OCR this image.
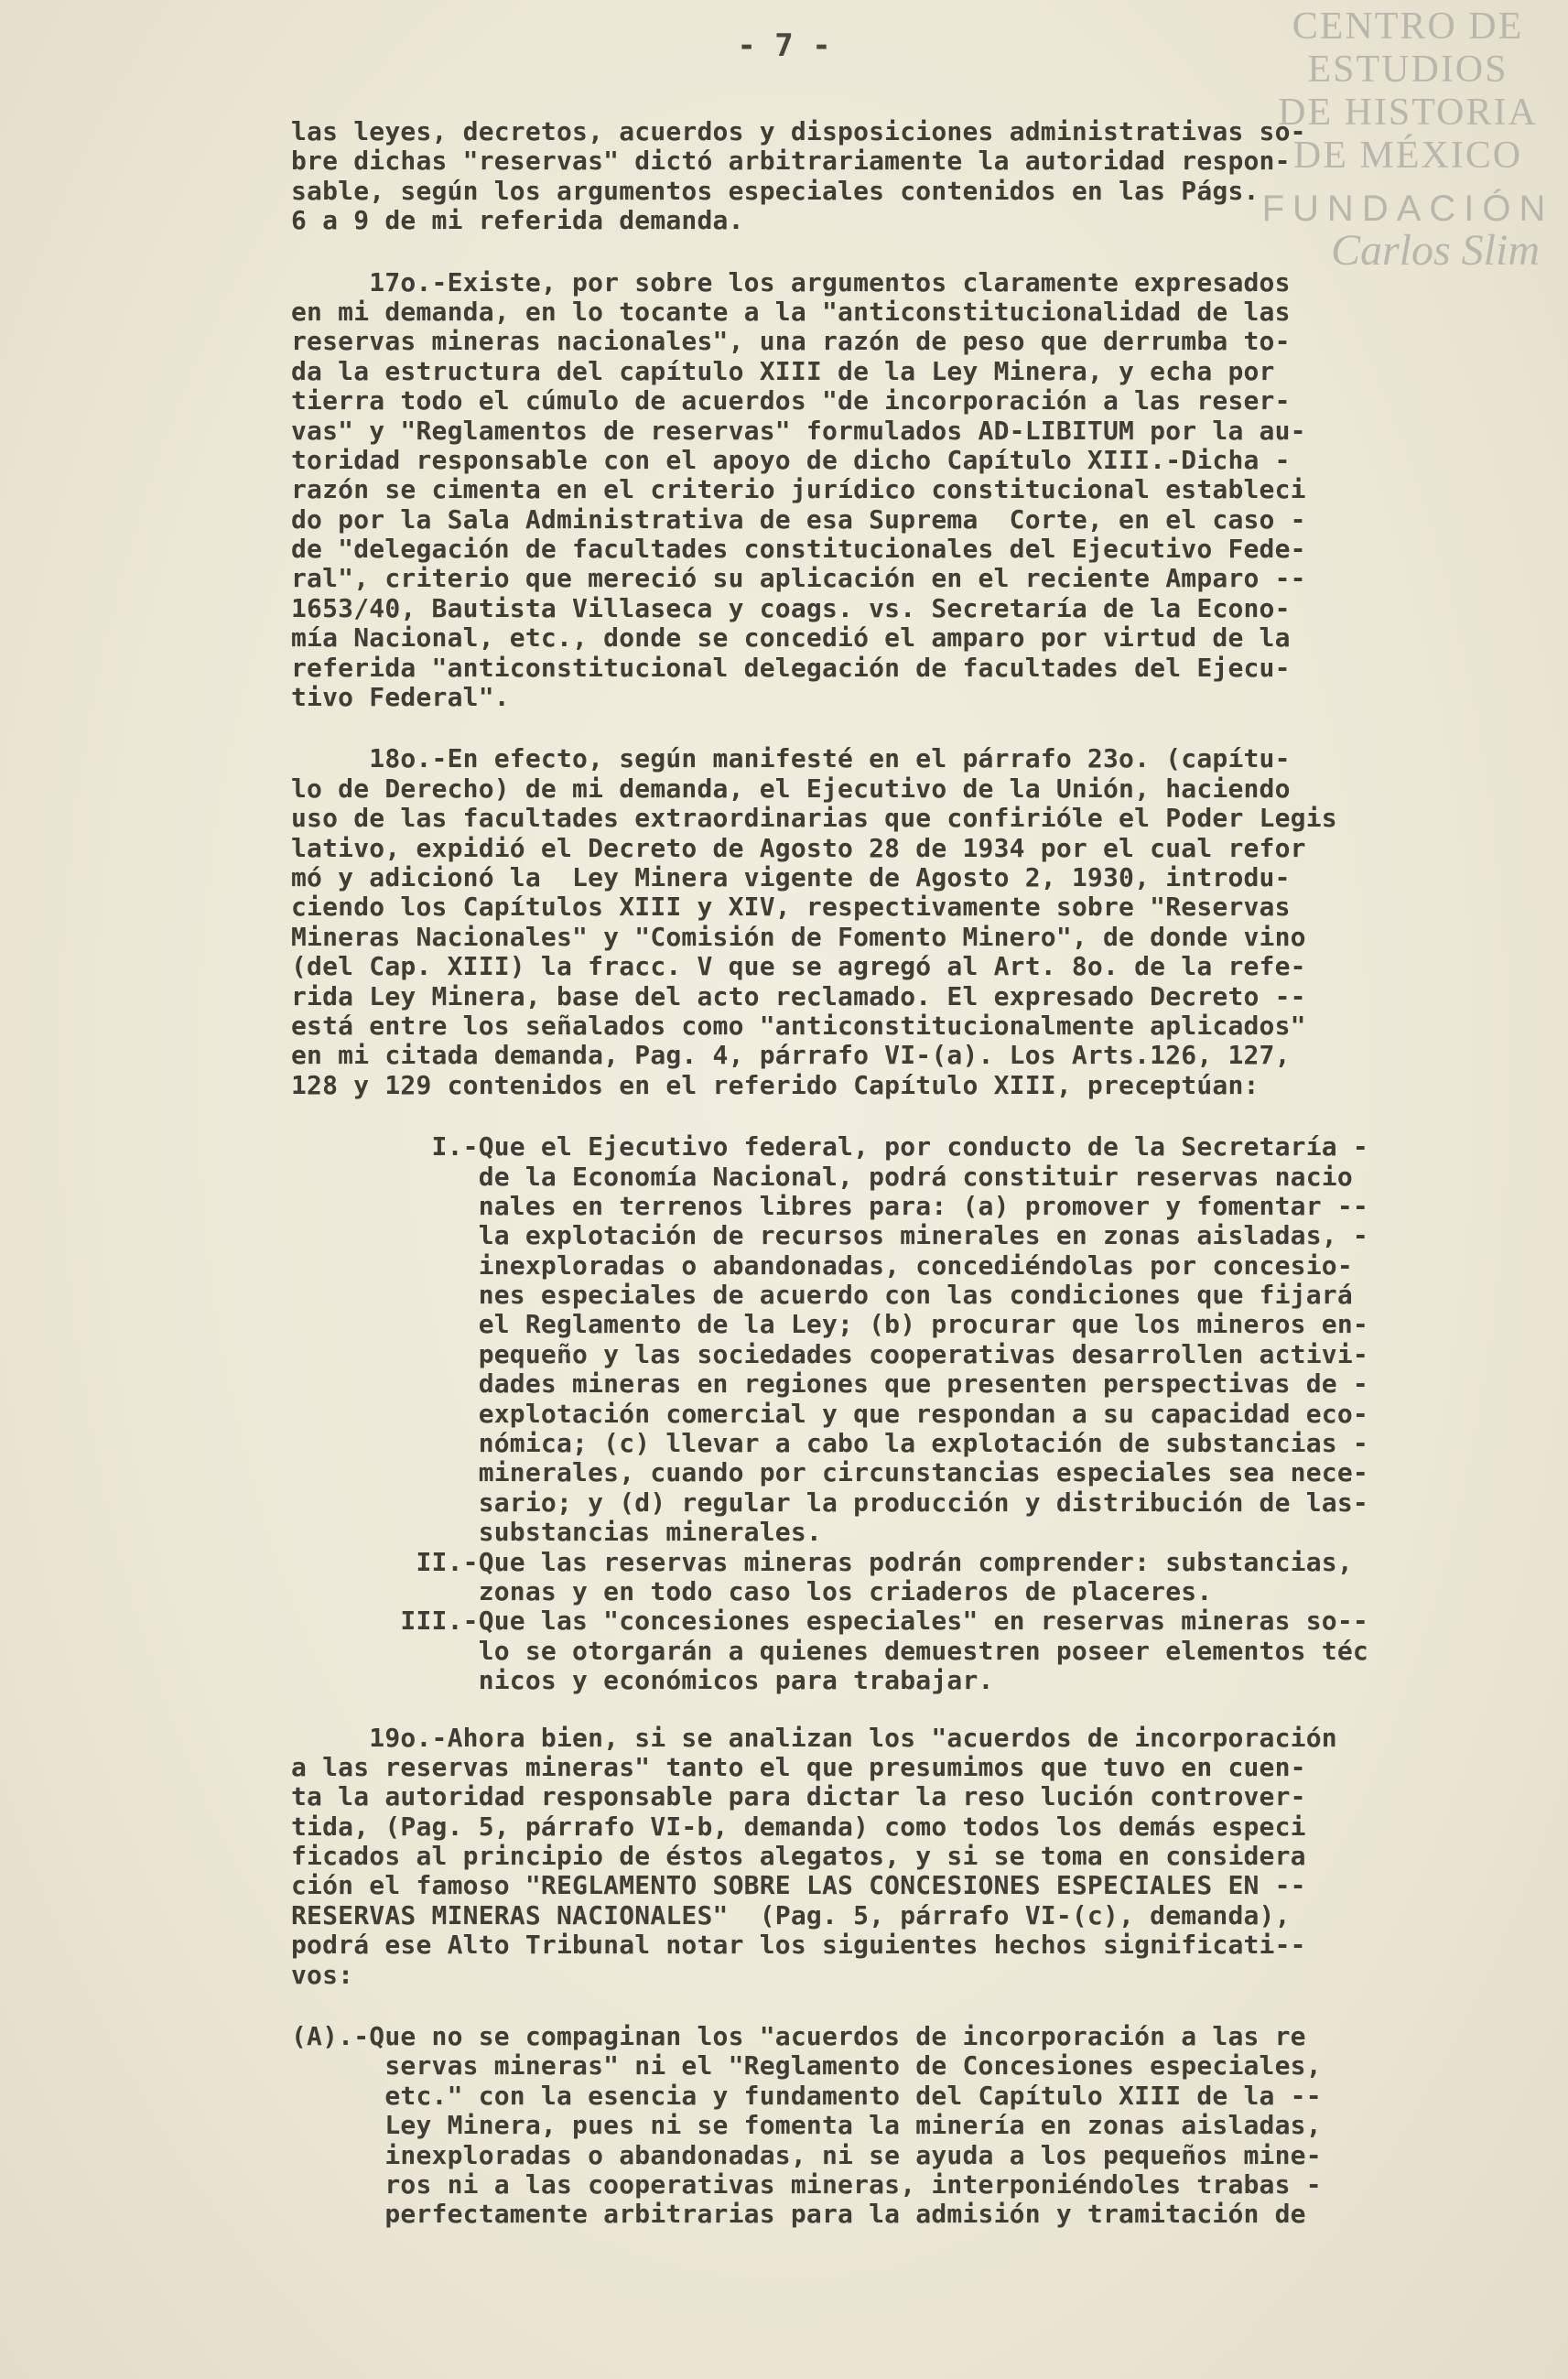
- 7 -	CENTRO DE
ESTUDIOS
DE HISTORIA
DE MÉXICO
FUNDACIÓN
Carlos Slim
las leyes, decretos, acuerdos y disposiciones administrativas so-
bre dichas "reservas" dictó arbitrariamente la autoridad respon-
sable, según los argumentos especiales contenidos en las Págs.
6 a 9 de mi referida demanda.
17o.-Existe, por sobre los argumentos claramente expresados
en mi demanda, en lo tocante a la "anticonstitucionalidad de las
reservas mineras nacionales", una razón de peso que derrumba to-
da la estructura del capítulo XIII de la Ley Minera, y echa por
tierra todo el cúmulo de acuerdos "de incorporación a las reser-
vas" y "Reglamentos de reservas" formulados AD-LIBITUM por la au-
toridad responsable con el apoyo de dicho Capítulo XIII.-Dicha -
razón se cimenta en el criterio jurídico constitucional estableci
do por la Sala Administrativa de esa Suprema  Corte, en el caso -
de "delegación de facultades constitucionales del Ejecutivo Fede-
ral", criterio que mereció su aplicación en el reciente Amparo --
1653/40, Bautista Villaseca y coags. vs. Secretaría de la Econo-
mía Nacional, etc., donde se concedió el amparo por virtud de la
referida "anticonstitucional delegación de facultades del Ejecu-
tivo Federal".
18o.-En efecto, según manifesté en el párrafo 23o. (capítu-
lo de Derecho) de mi demanda, el Ejecutivo de la Unión, haciendo
uso de las facultades extraordinarias que confirióle el Poder Legis
lativo, expidió el Decreto de Agosto 28 de 1934 por el cual refor
mó y adicionó la  Ley Minera vigente de Agosto 2, 1930, introdu-
ciendo los Capítulos XIII y XIV, respectivamente sobre "Reservas
Mineras Nacionales" y "Comisión de Fomento Minero", de donde vino
(del Cap. XIII) la fracc. V que se agregó al Art. 8o. de la refe-
rida Ley Minera, base del acto reclamado. El expresado Decreto --
está entre los señalados como "anticonstitucionalmente aplicados"
en mi citada demanda, Pag. 4, párrafo VI-(a). Los Arts.126, 127,
128 y 129 contenidos en el referido Capítulo XIII, preceptúan:
I.-Que el Ejecutivo federal, por conducto de la Secretaría -
de la Economía Nacional, podrá constituir reservas nacio
nales en terrenos libres para: (a) promover y fomentar --
la explotación de recursos minerales en zonas aisladas, -
inexploradas o abandonadas, concediéndolas por concesio-
nes especiales de acuerdo con las condiciones que fijará
el Reglamento de la Ley; (b) procurar que los mineros en-
pequeño y las sociedades cooperativas desarrollen activi-
dades mineras en regiones que presenten perspectivas de -
explotación comercial y que respondan a su capacidad eco-
nómica; (c) llevar a cabo la explotación de substancias -
minerales, cuando por circunstancias especiales sea nece-
sario; y (d) regular la producción y distribución de las-
substancias minerales.
II.-Que las reservas mineras podrán comprender: substancias,
zonas y en todo caso los criaderos de placeres.
III.-Que las "concesiones especiales" en reservas mineras so--
lo se otorgarán a quienes demuestren poseer elementos téc
nicos y económicos para trabajar.
19o.-Ahora bien, si se analizan los "acuerdos de incorporación
a las reservas mineras" tanto el que presumimos que tuvo en cuen-
ta la autoridad responsable para dictar la reso lución controver-
tida, (Pag. 5, párrafo VI-b, demanda) como todos los demás especi
ficados al principio de éstos alegatos, y si se toma en considera
ción el famoso "REGLAMENTO SOBRE LAS CONCESIONES ESPECIALES EN --
RESERVAS MINERAS NACIONALES"  (Pag. 5, párrafo VI-(c), demanda),
podrá ese Alto Tribunal notar los siguientes hechos significati--
vos:
(A).-Que no se compaginan los "acuerdos de incorporación a las re
servas mineras" ni el "Reglamento de Concesiones especiales,
etc." con la esencia y fundamento del Capítulo XIII de la --
Ley Minera, pues ni se fomenta la minería en zonas aisladas,
inexploradas o abandonadas, ni se ayuda a los pequeños mine-
ros ni a las cooperativas mineras, interponiéndoles trabas -
perfectamente arbitrarias para la admisión y tramitación de
